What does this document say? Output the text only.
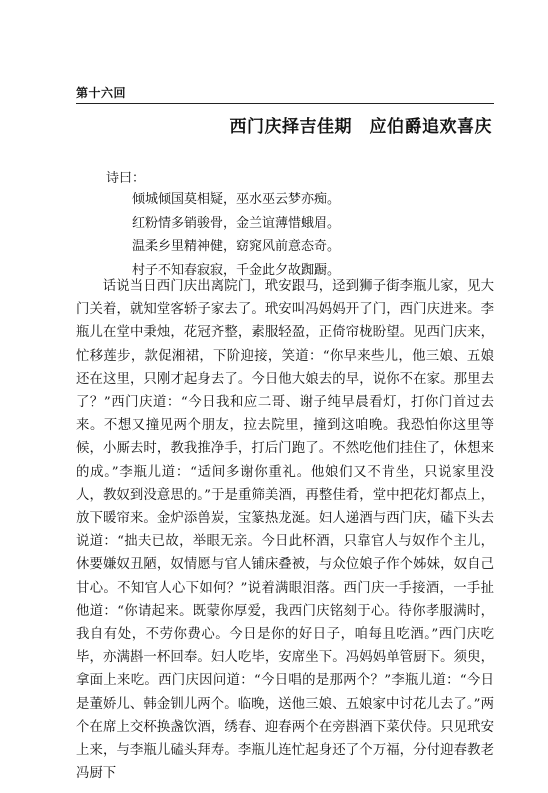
第十六回
西门庆择吉佳期　应伯爵追欢喜庆
诗曰：
倾城倾国莫相疑，巫水巫云梦亦痴。
红粉情多销骏骨，金兰谊薄惜蛾眉。
温柔乡里精神健，窈窕风前意态奇。
村子不知春寂寂，千金此夕故踟蹰。

话说当日西门庆出离院门，玳安跟马，迳到狮子街李瓶儿家，见大门关着，就知堂客轿子家去了。玳安叫冯妈妈开了门，西门庆进来。李瓶儿在堂中秉烛，花冠齐整，素服轻盈，正倚帘栊盼望。见西门庆来，忙移莲步，款促湘裙，下阶迎接，笑道：“你早来些儿，他三娘、五娘还在这里，只刚才起身去了。今日他大娘去的早，说你不在家。那里去了？”西门庆道：“今日我和应二哥、谢子纯早晨看灯，打你门首过去来。不想又撞见两个朋友，拉去院里，撞到这咱晚。我恐怕你这里等候，小厮去时，教我推净手，打后门跑了。不然吃他们挂住了，休想来的成。”李瓶儿道：“适间多谢你重礼。他娘们又不肯坐，只说家里没人，教奴到没意思的。”于是重筛美酒，再整佳肴，堂中把花灯都点上，放下暖帘来。金炉添兽炭，宝篆热龙涎。妇人递酒与西门庆，磕下头去说道：“拙夫已故，举眼无亲。今日此杯酒，只靠官人与奴作个主儿，休要嫌奴丑陋，奴情愿与官人铺床叠被，与众位娘子作个姊妹，奴自己甘心。不知官人心下如何？”说着满眼泪落。西门庆一手接酒，一手扯他道：“你请起来。既蒙你厚爱，我西门庆铭刻于心。待你孝服满时，我自有处，不劳你费心。今日是你的好日子，咱每且吃酒。”西门庆吃毕，亦满斟一杯回奉。妇人吃毕，安席坐下。冯妈妈单管厨下。须臾，拿面上来吃。西门庆因问道：“今日唱的是那两个？”李瓶儿道：“今日是董娇儿、韩金钏儿两个。临晚，送他三娘、五娘家中讨花儿去了。”两个在席上交杯换盏饮酒，绣春、迎春两个在旁斟酒下菜伏侍。只见玳安上来，与李瓶儿磕头拜寿。李瓶儿连忙起身还了个万福，分付迎春教老冯厨下
